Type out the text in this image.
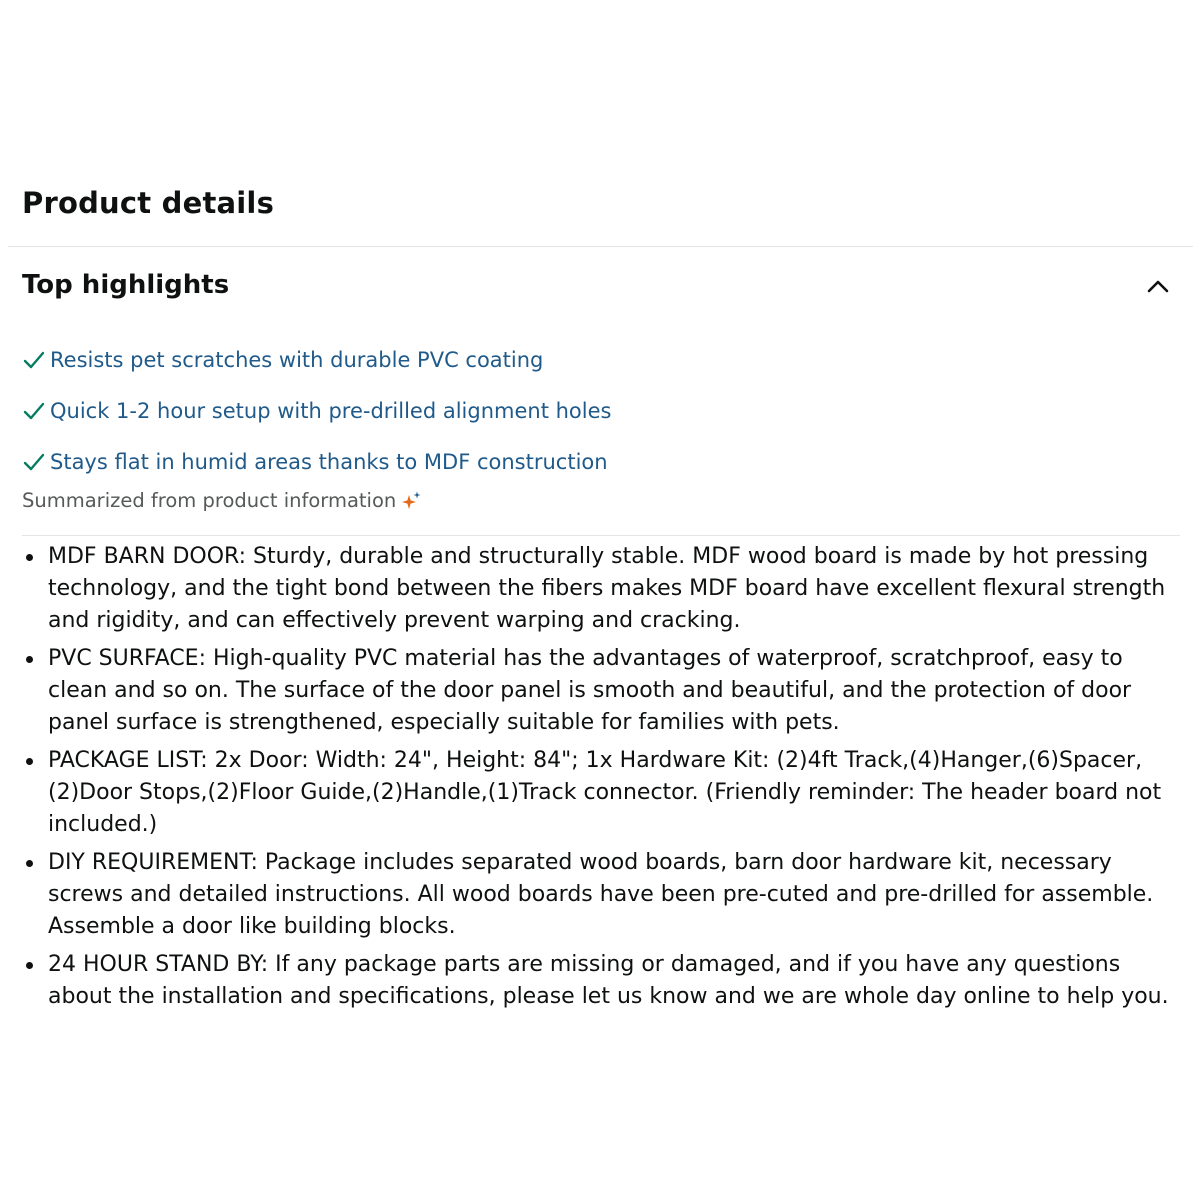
Product details
Top highlights
Resists pet scratches with durable PVC coating
Quick 1-2 hour setup with pre-drilled alignment holes
Stays flat in humid areas thanks to MDF construction
Summarized from product information
MDF BARN DOOR: Sturdy, durable and structurally stable. MDF wood board is made by hot pressing technology, and the tight bond between the fibers makes MDF board have excellent flexural strength and rigidity, and can effectively prevent warping and cracking.
PVC SURFACE: High-quality PVC material has the advantages of waterproof, scratchproof, easy to clean and so on. The surface of the door panel is smooth and beautiful, and the protection of door panel surface is strengthened, especially suitable for families with pets.
PACKAGE LIST: 2x Door: Width: 24", Height: 84"; 1x Hardware Kit: (2)4ft Track,(4)Hanger,(6)Spacer,(2)Door Stops,(2)Floor Guide,(2)Handle,(1)Track connector. (Friendly reminder: The header board not included.)
DIY REQUIREMENT: Package includes separated wood boards, barn door hardware kit, necessary screws and detailed instructions. All wood boards have been pre-cuted and pre-drilled for assemble. Assemble a door like building blocks.
24 HOUR STAND BY: If any package parts are missing or damaged, and if you have any questions about the installation and specifications, please let us know and we are whole day online to help you.
